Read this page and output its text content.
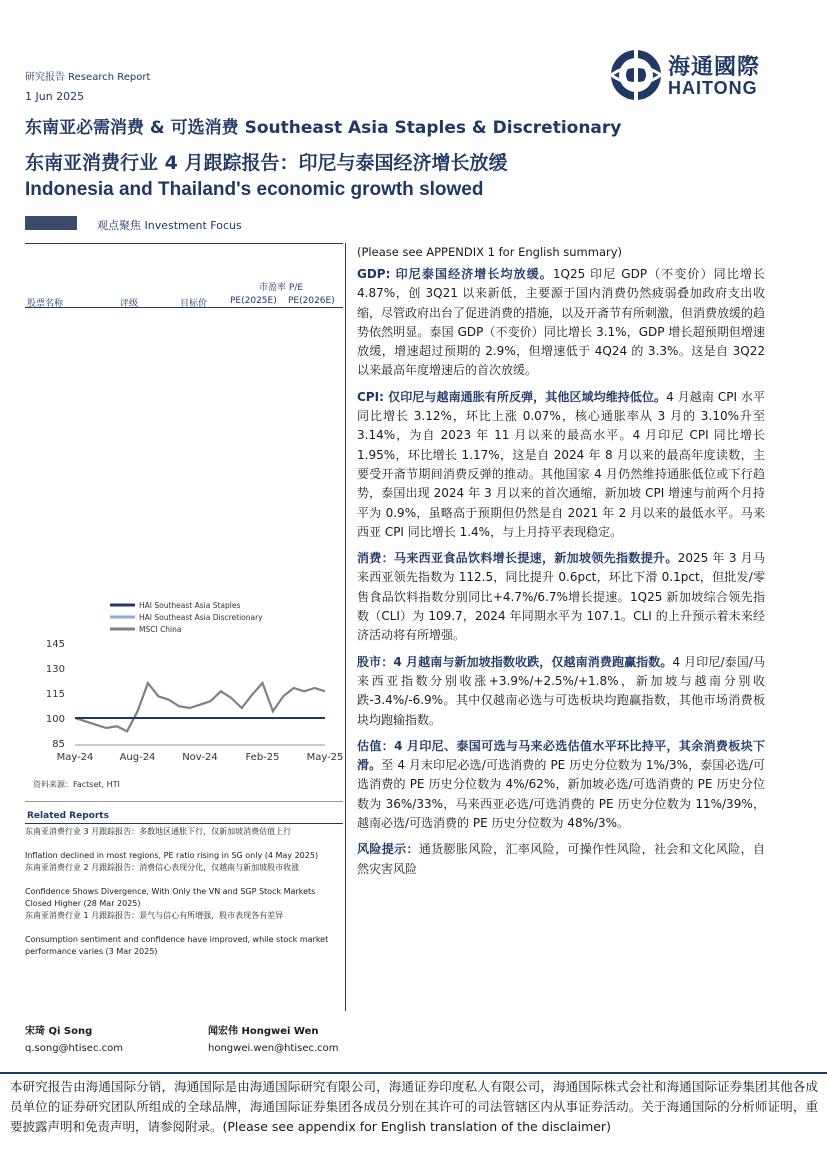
研究报告 Research Report
1 Jun 2025
海通國際
HAITONG
东南亚必需消费 & 可选消费 Southeast Asia Staples & Discretionary
东南亚消费行业 4 月跟踪报告：印尼与泰国经济增长放缓
Indonesia and Thailand's economic growth slowed
观点聚焦 Investment Focus
市盈率 P/E
股票名称	评级	目标价	PE(2025E) PE(2026E)
HAI Southeast Asia Staples
HAI Southeast Asia Discretionary
MSCI China
145
130
115
100
85
May-24	Aug-24	Nov-24	Feb-25	May-25
资料来源：Factset, HTI
Related Reports
东南亚消费行业 3 月跟踪报告：多数地区通胀下行，仅新加坡消费估值上行
Inflation declined in most regions, PE ratio rising in SG only (4 May 2025)
东南亚消费行业 2 月跟踪报告：消费信心表现分化，仅越南与新加坡股市收涨
Confidence Shows Divergence, With Only the VN and SGP Stock Markets Closed Higher (28 Mar 2025)
东南亚消费行业 1 月跟踪报告：景气与信心有所增强，股市表现各有差异
Consumption sentiment and confidence have improved, while stock market performance varies (3 Mar 2025)
(Please see APPENDIX 1 for English summary)

GDP: 印尼泰国经济增长均放缓。1Q25 印尼 GDP（不变价）同比增长 4.87%，创 3Q21 以来新低，主要源于国内消费仍然疲弱叠加政府支出收缩，尽管政府出台了促进消费的措施，以及开斋节有所刺激，但消费放缓的趋势依然明显。泰国 GDP（不变价）同比增长 3.1%，GDP 增长超预期但增速放缓，增速超过预期的 2.9%，但增速低于 4Q24 的 3.3%。这是自 3Q22 以来最高年度增速后的首次放缓。

CPI: 仅印尼与越南通胀有所反弹，其他区域均维持低位。4 月越南 CPI 水平同比增长 3.12%，环比上涨 0.07%，核心通胀率从 3 月的 3.10%升至 3.14%，为自 2023 年 11 月以来的最高水平。4 月印尼 CPI 同比增长 1.95%，环比增长 1.17%，这是自 2024 年 8 月以来的最高年度读数，主要受开斋节期间消费反弹的推动。其他国家 4 月仍然维持通胀低位或下行趋势，泰国出现 2024 年 3 月以来的首次通缩，新加坡 CPI 增速与前两个月持平为 0.9%，虽略高于预期但仍然是自 2021 年 2 月以来的最低水平。马来西亚 CPI 同比增长 1.4%，与上月持平表现稳定。

消费：马来西亚食品饮料增长提速，新加坡领先指数提升。2025 年 3 月马来西亚领先指数为 112.5，同比提升 0.6pct，环比下滑 0.1pct，但批发/零售食品饮料指数分别同比+4.7%/6.7%增长提速。1Q25 新加坡综合领先指数（CLI）为 109.7，2024 年同期水平为 107.1。CLI 的上升预示着未来经济活动将有所增强。

股市：4 月越南与新加坡指数收跌，仅越南消费跑赢指数。4 月印尼/泰国/马来西亚指数分别收涨+3.9%/+2.5%/+1.8%，新加坡与越南分别收跌-3.4%/-6.9%。其中仅越南必选与可选板块均跑赢指数，其他市场消费板块均跑输指数。

估值：4 月印尼、泰国可选与马来必选估值水平环比持平，其余消费板块下滑。至 4 月末印尼必选/可选消费的 PE 历史分位数为 1%/3%，泰国必选/可选消费的 PE 历史分位数为 4%/62%，新加坡必选/可选消费的 PE 历史分位数为 36%/33%，马来西亚必选/可选消费的 PE 历史分位数为 11%/39%，越南必选/可选消费的 PE 历史分位数为 48%/3%。

风险提示：通货膨胀风险，汇率风险，可操作性风险，社会和文化风险，自然灾害风险

宋琦 Qi Song
q.song@htisec.com
闻宏伟 Hongwei Wen
hongwei.wen@htisec.com
本研究报告由海通国际分销，海通国际是由海通国际研究有限公司，海通证券印度私人有限公司，海通国际株式会社和海通国际证券集团其他各成员单位的证券研究团队所组成的全球品牌，海通国际证券集团各成员分别在其许可的司法管辖区内从事证券活动。关于海通国际的分析师证明，重要披露声明和免责声明，请参阅附录。(Please see appendix for English translation of the disclaimer)
